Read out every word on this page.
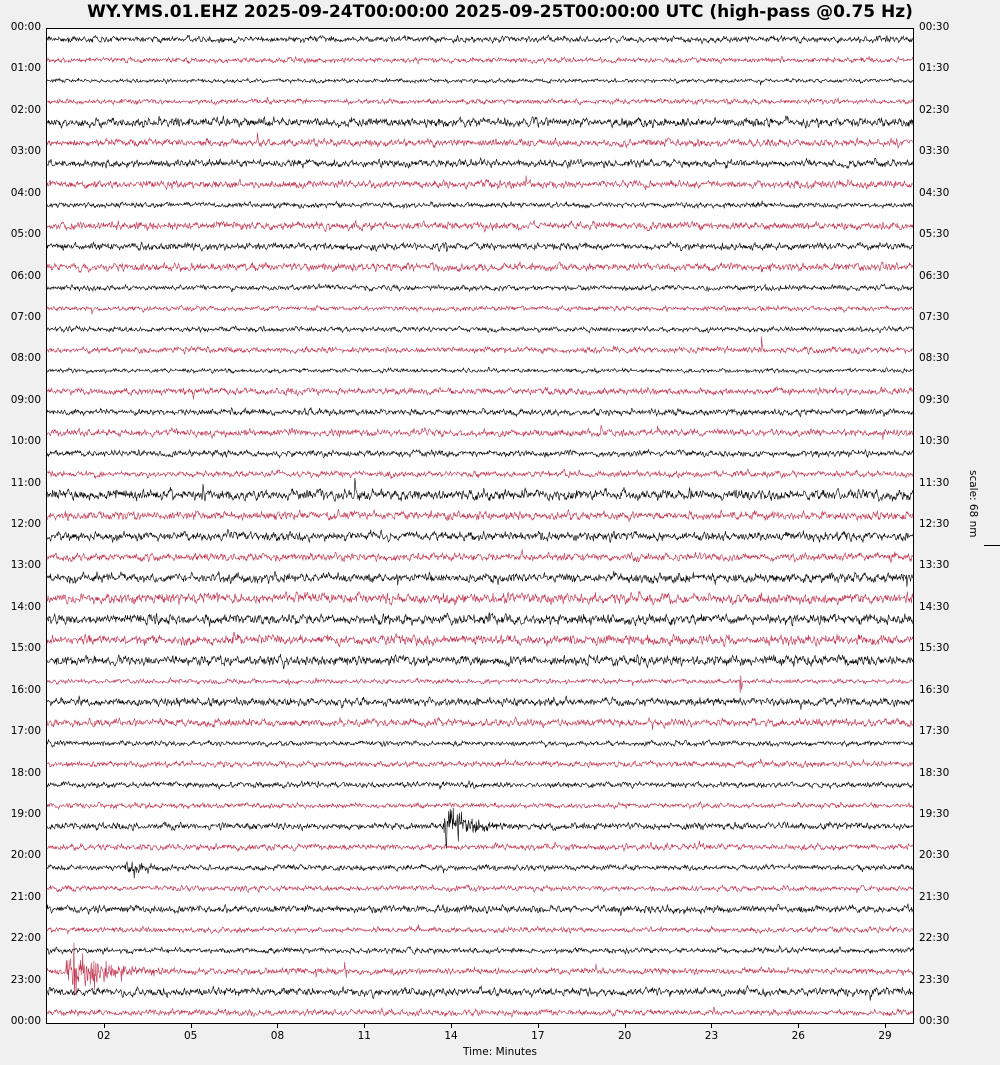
WY.YMS.01.EHZ 2025-09-24T00:00:00 2025-09-25T00:00:00 UTC (high-pass @0.75 Hz)
00:00
01:00
02:00
03:00
04:00
05:00
06:00
07:00
08:00
09:00
10:00
11:00
12:00
13:00
14:00
15:00
16:00
17:00
18:00
19:00
20:00
21:00
22:00
23:00
00:00
00:30
01:30
02:30
03:30
04:30
05:30
06:30
07:30
08:30
09:30
10:30
11:30
12:30
13:30
14:30
15:30
16:30
17:30
18:30
19:30
20:30
21:30
22:30
23:30
00:30
02	05	08	11	14	17	20	23	26	29
Time: Minutes
scale: 68 nm
